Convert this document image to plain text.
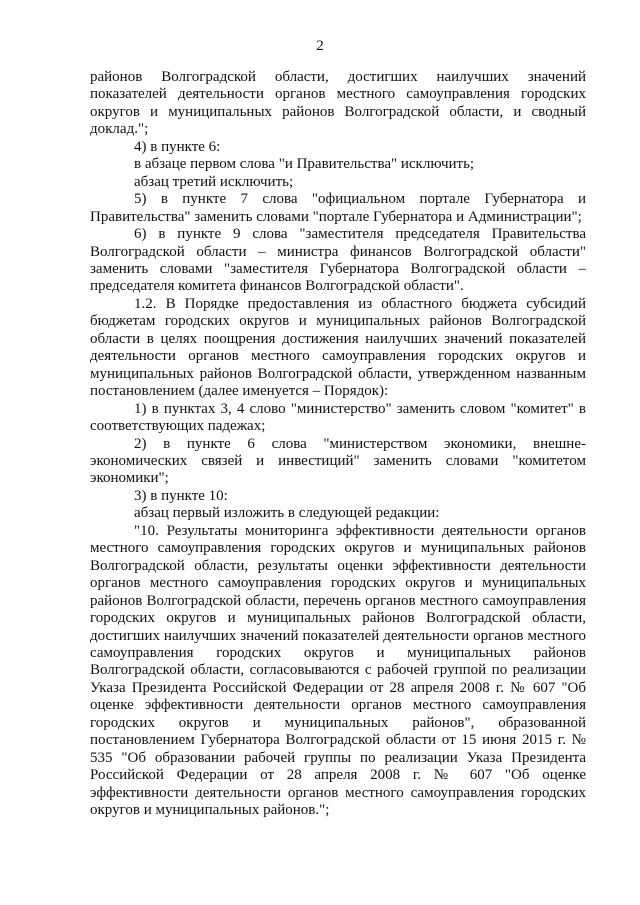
2

районов Волгоградской области, достигших наилучших значений показателей деятельности органов местного самоуправления городских округов и муниципальных районов Волгоградской области, и сводный доклад.";

4) в пункте 6:

в абзаце первом слова "и Правительства" исключить;

абзац третий исключить;

5) в пункте 7 слова "официальном портале Губернатора и Правительства" заменить словами "портале Губернатора и Администрации";

6) в пункте 9 слова "заместителя председателя Правительства Волгоградской области – министра финансов Волгоградской области" заменить словами "заместителя Губернатора Волгоградской области – председателя комитета финансов Волгоградской области".

1.2. В Порядке предоставления из областного бюджета субсидий бюджетам городских округов и муниципальных районов Волгоградской области в целях поощрения достижения наилучших значений показателей деятельности органов местного самоуправления городских округов и муниципальных районов Волгоградской области, утвержденном названным постановлением (далее именуется – Порядок):

1) в пунктах 3, 4 слово "министерство" заменить словом "комитет" в соответствующих падежах;

2) в пункте 6 слова "министерством экономики, внешне-экономических связей и инвестиций" заменить словами "комитетом экономики";

3) в пункте 10:

абзац первый изложить в следующей редакции:

"10. Результаты мониторинга эффективности деятельности органов местного самоуправления городских округов и муниципальных районов Волгоградской области, результаты оценки эффективности деятельности органов местного самоуправления городских округов и муниципальных районов Волгоградской области, перечень органов местного самоуправления городских округов и муниципальных районов Волгоградской области, достигших наилучших значений показателей деятельности органов местного самоуправления городских округов и муниципальных районов Волгоградской области, согласовываются с рабочей группой по реализации Указа Президента Российской Федерации от 28 апреля 2008 г. № 607 "Об оценке эффективности деятельности органов местного самоуправления городских округов и муниципальных районов", образованной постановлением Губернатора Волгоградской области от 15 июня 2015 г. № 535 "Об образовании рабочей группы по реализации Указа Президента Российской Федерации от 28 апреля 2008 г. № 607 "Об оценке эффективности деятельности органов местного самоуправления городских округов и муниципальных районов.";
